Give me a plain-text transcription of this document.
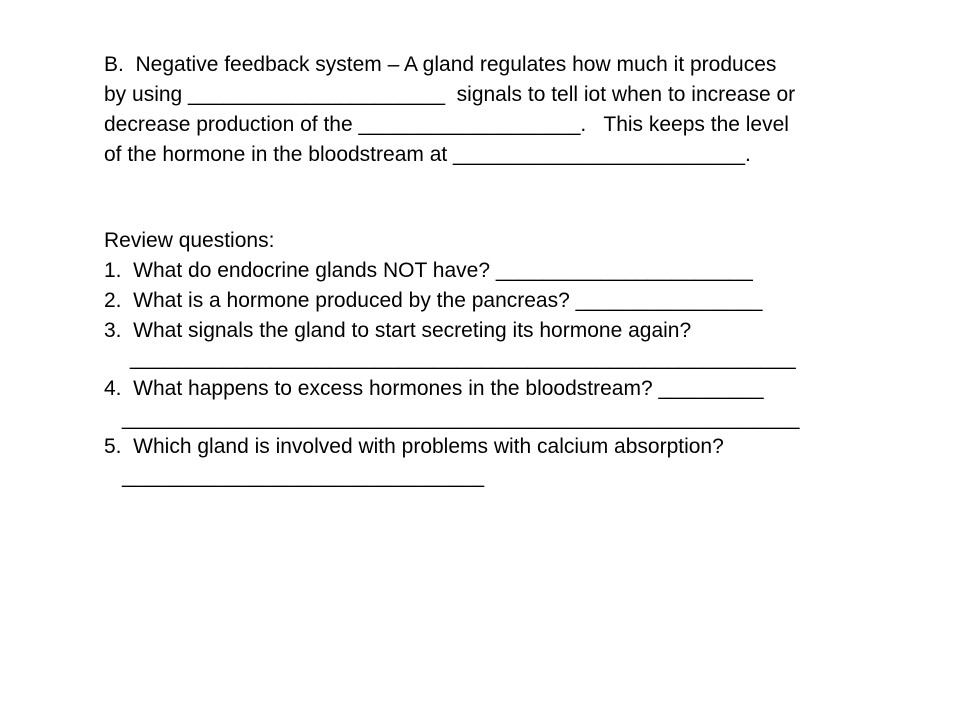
B.  Negative feedback system – A gland regulates how much it produces
by using ______________________  signals to tell iot when to increase or
decrease production of the ___________________.   This keeps the level
of the hormone in the bloodstream at _________________________.
Review questions:
1.  What do endocrine glands NOT have? ______________________
2.  What is a hormone produced by the pancreas? ________________
3.  What signals the gland to start secreting its hormone again?
_________________________________________________________
4.  What happens to excess hormones in the bloodstream? _________
__________________________________________________________
5.  Which gland is involved with problems with calcium absorption?
_______________________________
